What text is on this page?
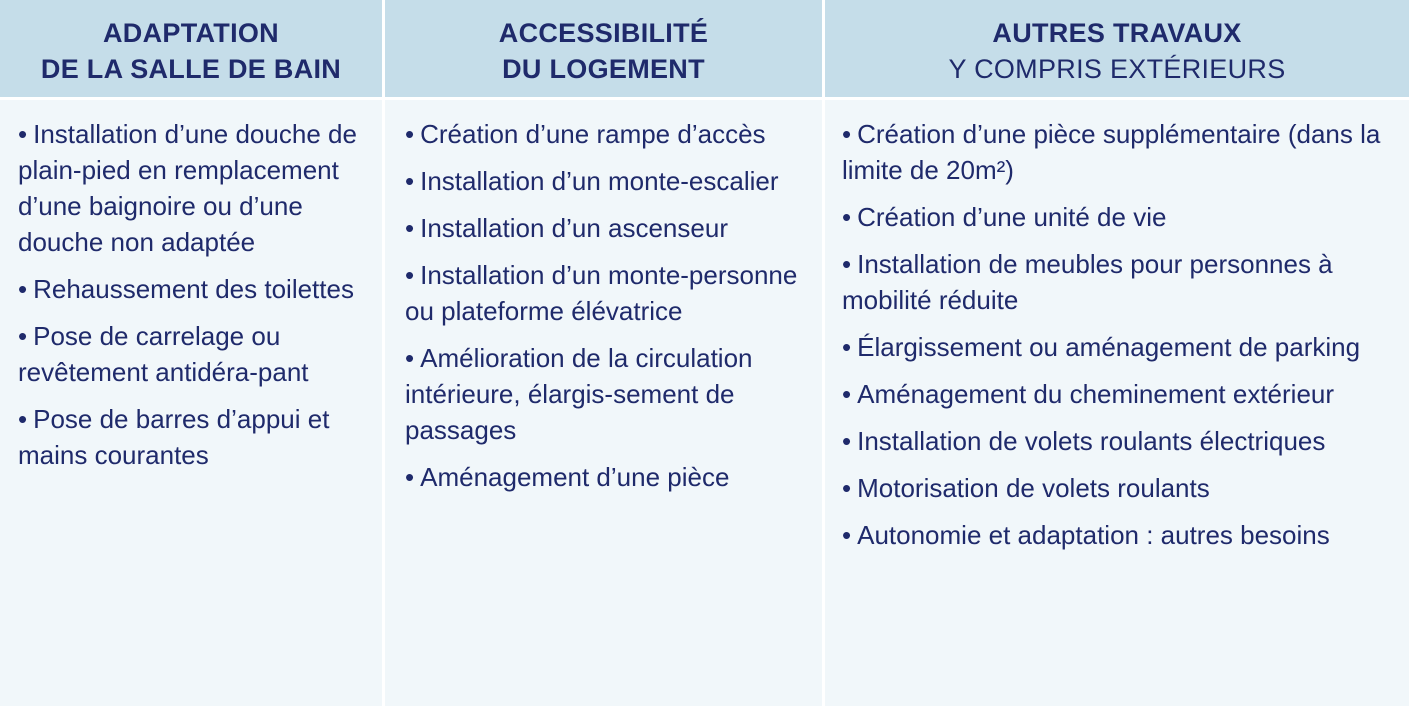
ADAPTATION
DE LA SALLE DE BAIN
ACCESSIBILITÉ
DU LOGEMENT
AUTRES TRAVAUX
Y COMPRIS EXTÉRIEURS
• Installation d’une douche de plain-pied en remplacement d’une baignoire ou d’une douche non adaptée
• Rehaussement des toilettes
• Pose de carrelage ou revêtement antidéra-pant
• Pose de barres d’appui et mains courantes
• Création d’une rampe d’accès
• Installation d’un monte-escalier
• Installation d’un ascenseur
• Installation d’un monte-personne ou plateforme élévatrice
• Amélioration de la circulation intérieure, élargis-sement de passages
• Aménagement d’une pièce
• Création d’une pièce supplémentaire (dans la limite de 20m²)
• Création d’une unité de vie
• Installation de meubles pour personnes à mobilité réduite
• Élargissement ou aménagement de parking
• Aménagement du cheminement extérieur
• Installation de volets roulants électriques
• Motorisation de volets roulants
• Autonomie et adaptation : autres besoins
